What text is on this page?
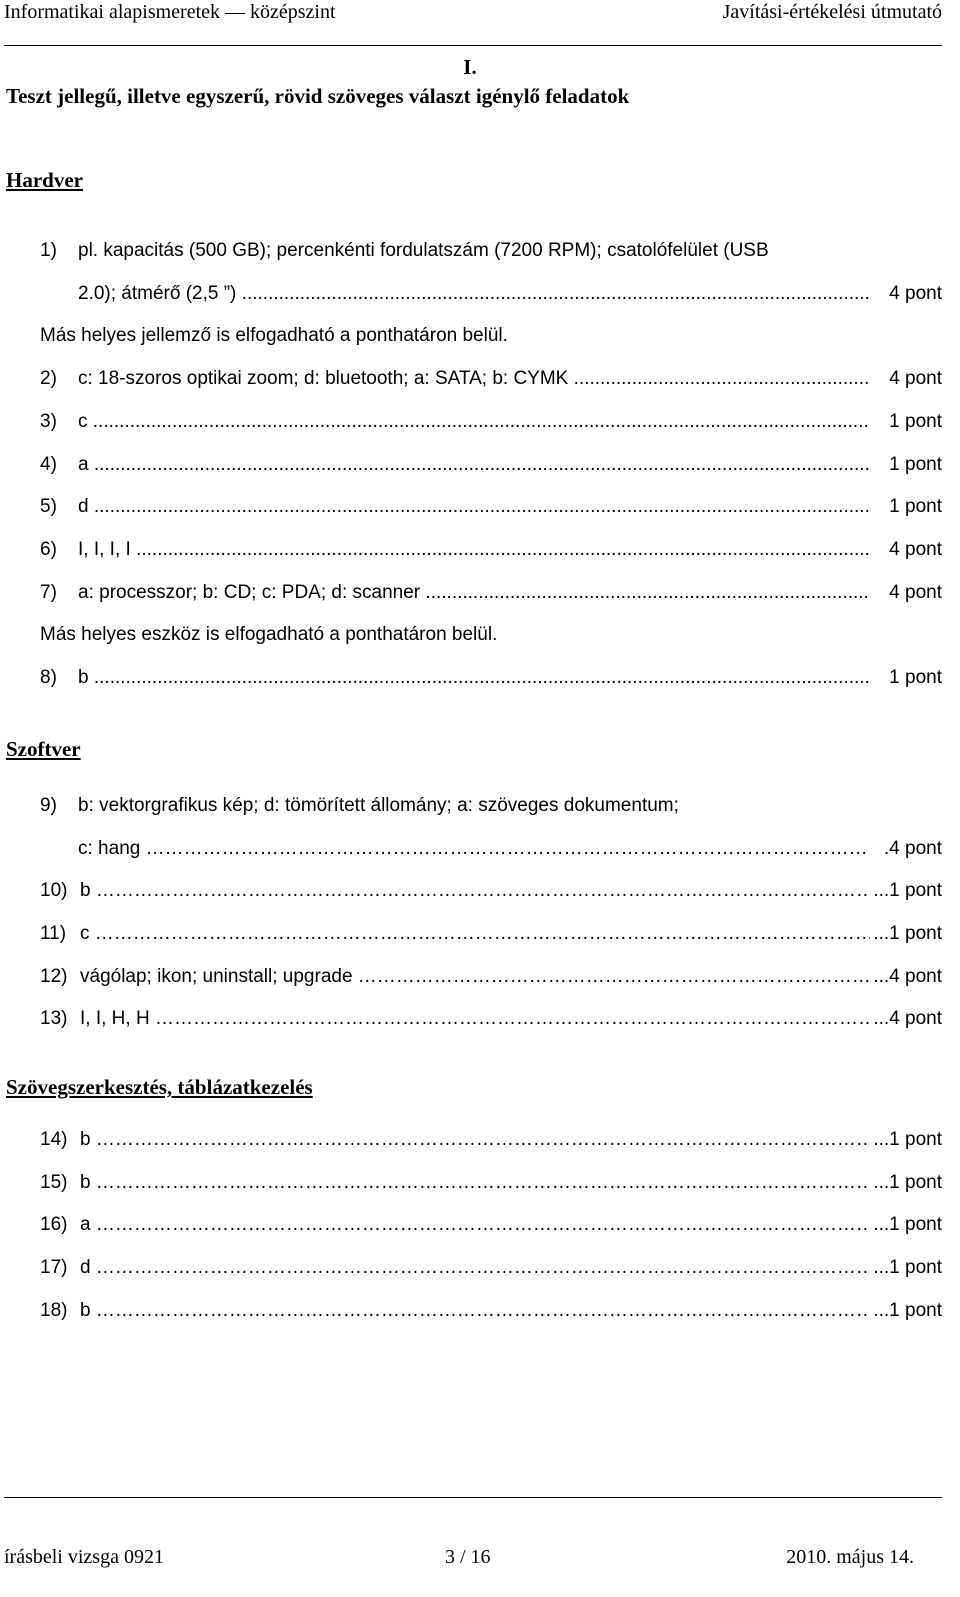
Informatikai alapismeretek — középszint	Javítási-értékelési útmutató
I.
Teszt jellegű, illetve egyszerű, rövid szöveges választ igénylő feladatok
Hardver
1) pl. kapacitás (500 GB); percenkénti fordulatszám (7200 RPM); csatolófelület (USB
2.0); átmérő (2,5 ”) .....	4 pont
Más helyes jellemző is elfogadható a ponthatáron belül.
2) c: 18-szoros optikai zoom; d: bluetooth; a: SATA; b: CYMK .....	4 pont
3) c .....	1 pont
4) a .....	1 pont
5) d .....	1 pont
6) I, I, I, I .....	4 pont
7) a: processzor; b: CD; c: PDA; d: scanner .....	4 pont
Más helyes eszköz is elfogadható a ponthatáron belül.
8) b .....	1 pont
Szoftver
9) b: vektorgrafikus kép; d: tömörített állomány; a: szöveges dokumentum;
c: hang …………………………………………………………………………………………………………………………………………………………	.4 pont
10) b …………………………………………………………………………………………………………………………………………………………	...1 pont
11) c …………………………………………………………………………………………………………………………………………………………	...1 pont
12) vágólap; ikon; uninstall; upgrade …………………………………………………………………………………………………………………………………………………………	...4 pont
13) I, I, H, H …………………………………………………………………………………………………………………………………………………………	...4 pont
Szövegszerkesztés, táblázatkezelés
14) b …………………………………………………………………………………………………………………………………………………………	...1 pont
15) b …………………………………………………………………………………………………………………………………………………………	...1 pont
16) a …………………………………………………………………………………………………………………………………………………………	...1 pont
17) d …………………………………………………………………………………………………………………………………………………………	...1 pont
18) b …………………………………………………………………………………………………………………………………………………………	...1 pont
írásbeli vizsga 0921	3 / 16	2010. május 14.
